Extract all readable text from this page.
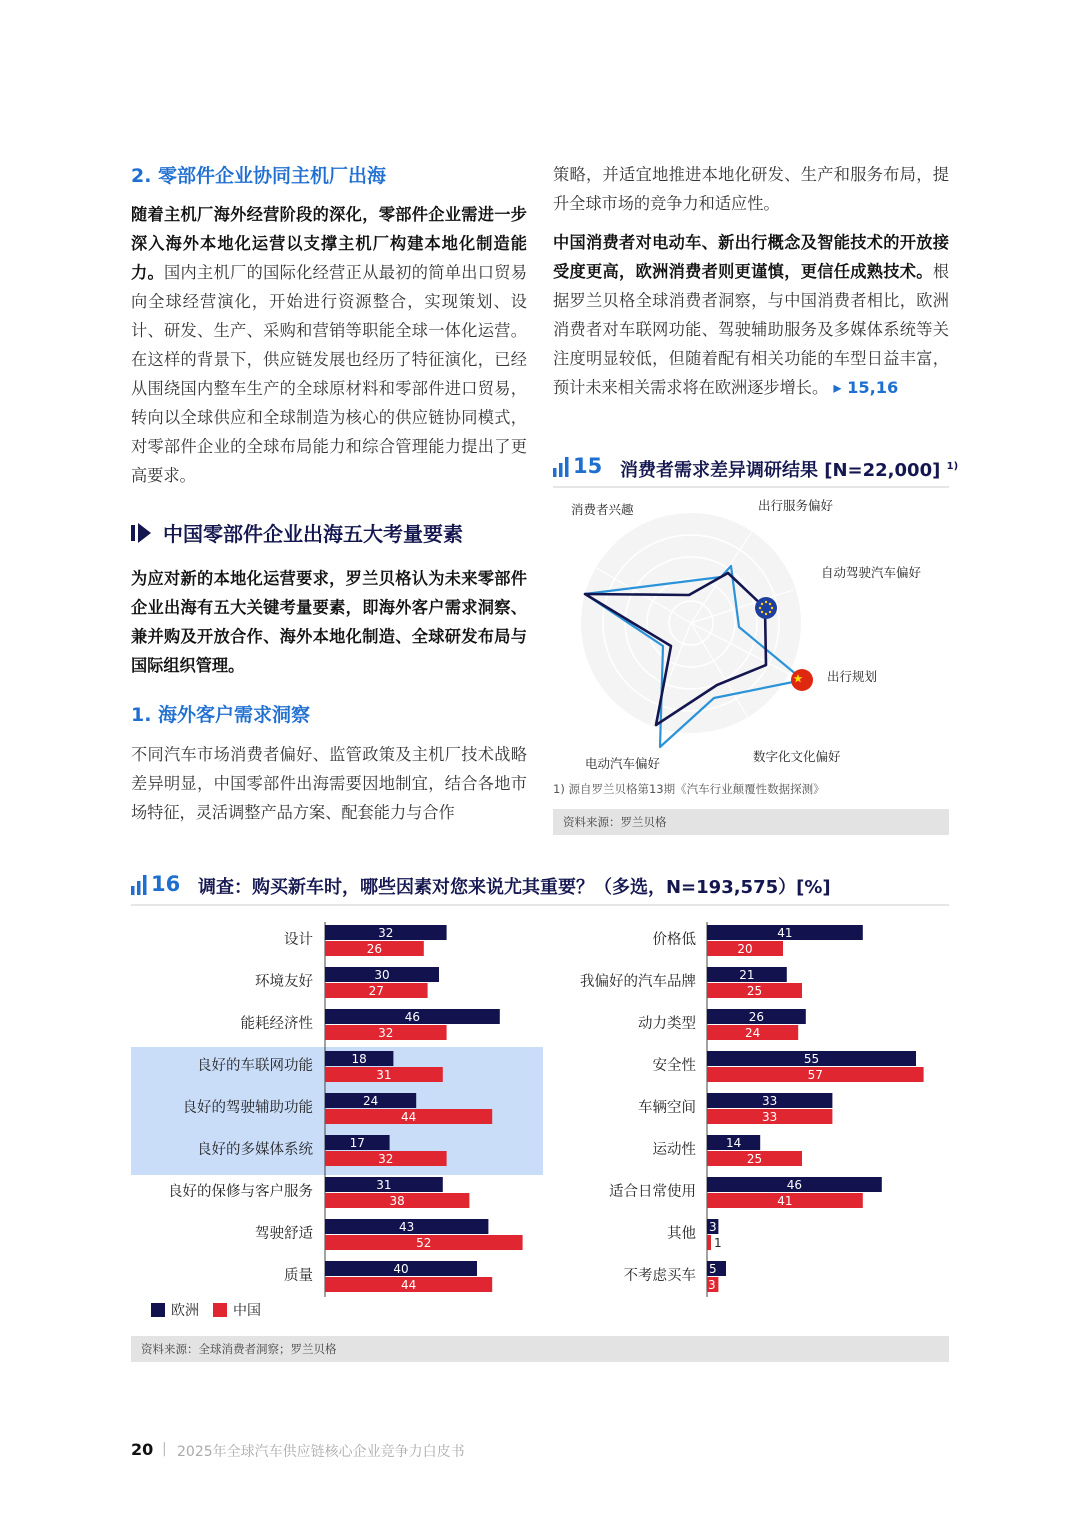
2. 零部件企业协同主机厂出海
随着主机厂海外经营阶段的深化，零部件企业需进一步深入海外本地化运营以支撑主机厂构建本地化制造能力。国内主机厂的国际化经营正从最初的简单出口贸易向全球经营演化，开始进行资源整合，实现策划、设计、研发、生产、采购和营销等职能全球一体化运营。在这样的背景下，供应链发展也经历了特征演化，已经从围绕国内整车生产的全球原材料和零部件进口贸易，转向以全球供应和全球制造为核心的供应链协同模式，对零部件企业的全球布局能力和综合管理能力提出了更高要求。
中国零部件企业出海五大考量要素
为应对新的本地化运营要求，罗兰贝格认为未来零部件企业出海有五大关键考量要素，即海外客户需求洞察、兼并购及开放合作、海外本地化制造、全球研发布局与国际组织管理。
1. 海外客户需求洞察
不同汽车市场消费者偏好、监管政策及主机厂技术战略差异明显，中国零部件出海需要因地制宜，结合各地市场特征，灵活调整产品方案、配套能力与合作
策略，并适宜地推进本地化研发、生产和服务布局，提升全球市场的竞争力和适应性。
中国消费者对电动车、新出行概念及智能技术的开放接受度更高，欧洲消费者则更谨慎，更信任成熟技术。根据罗兰贝格全球消费者洞察，与中国消费者相比，欧洲消费者对车联网功能、驾驶辅助服务及多媒体系统等关注度明显较低，但随着配有相关功能的车型日益丰富，预计未来相关需求将在欧洲逐步增长。 ▸ 15,16
15 消费者需求差异调研结果 [N=22,000] $^{1)}$
消费者兴趣	出行服务偏好
自动驾驶汽车偏好
出行规划
数字化文化偏好
电动汽车偏好
1) 源自罗兰贝格第13期《汽车行业颠覆性数据探测》
资料来源：罗兰贝格
16 调查：购买新车时，哪些因素对您来说尤其重要？（多选，N=193,575）[%]
设计	32
26
环境友好	30
27
能耗经济性	46
32
良好的车联网功能	18
31
良好的驾驶辅助功能	24
44
良好的多媒体系统	17
32
良好的保修与客户服务	31
38
驾驶舒适	43
52
质量	40
44
价格低	41
20
我偏好的汽车品牌	21
25
动力类型	26
24
安全性	55
57
车辆空间	33
33
运动性 14
25
适合日常使用	46
41
其他 3
1
不考虑买车 5
3
欧洲 中国
资料来源：全球消费者洞察；罗兰贝格
20 | 2025年全球汽车供应链核心企业竞争力白皮书
